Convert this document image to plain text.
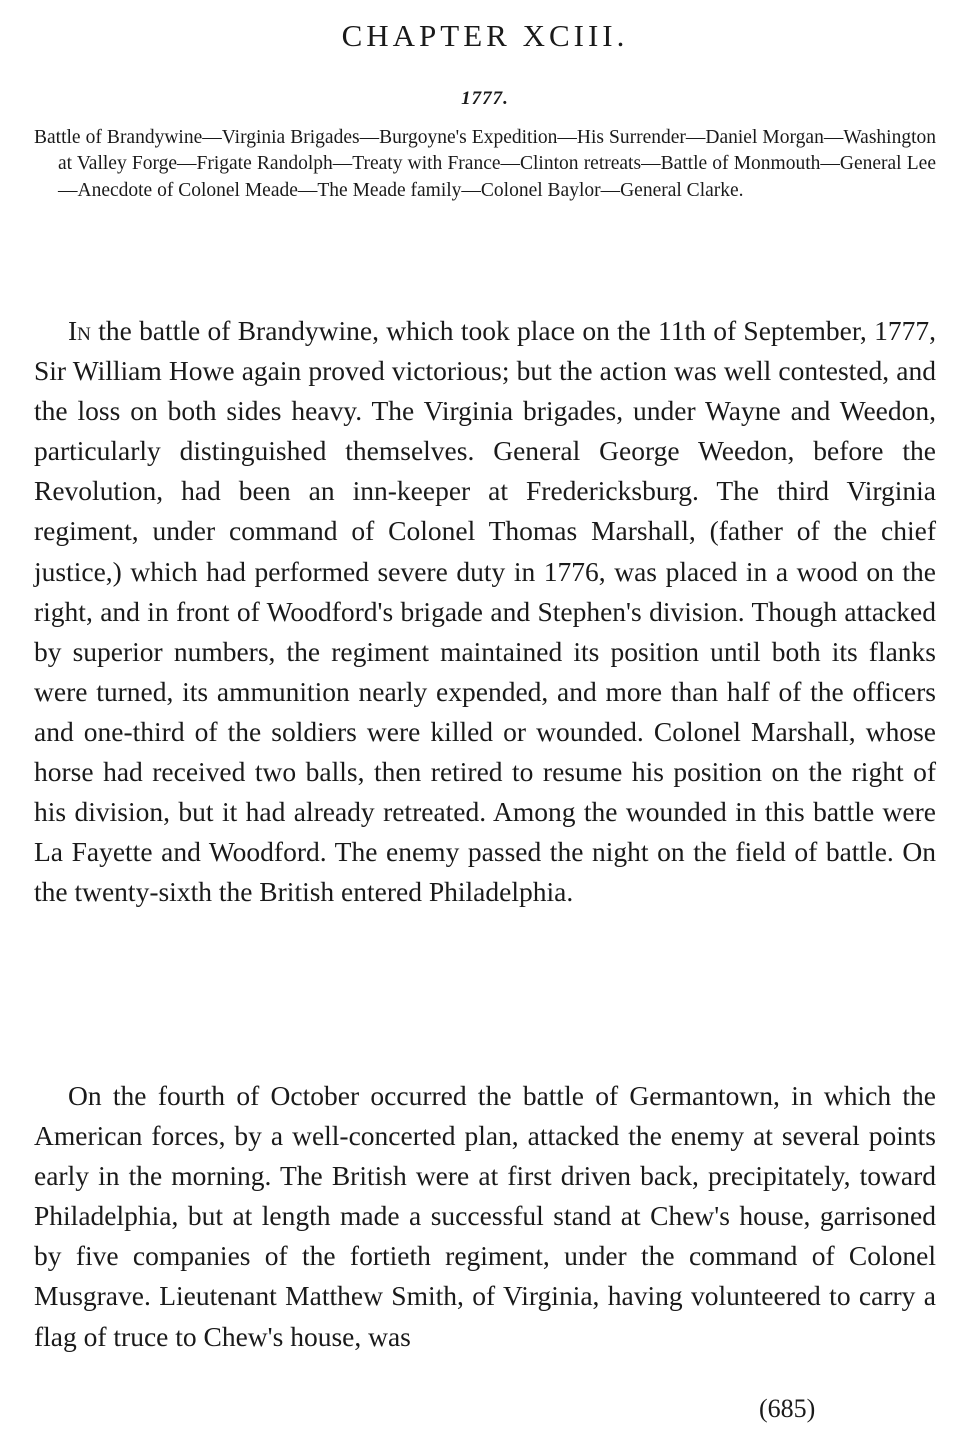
CHAPTER XCIII.
1777.

Battle of Brandywine—Virginia Brigades—Burgoyne's Expedition—His Surrender—Daniel Morgan—Washington at Valley Forge—Frigate Randolph—Treaty with France—Clinton retreats—Battle of Monmouth—General Lee—Anecdote of Colonel Meade—The Meade family—Colonel Baylor—General Clarke.

In the battle of Brandywine, which took place on the 11th of September, 1777, Sir William Howe again proved victorious; but the action was well contested, and the loss on both sides heavy. The Virginia brigades, under Wayne and Weedon, particularly distinguished themselves. General George Weedon, before the Revolution, had been an inn-keeper at Fredericksburg. The third Virginia regiment, under command of Colonel Thomas Marshall, (father of the chief justice,) which had performed severe duty in 1776, was placed in a wood on the right, and in front of Woodford's brigade and Stephen's division. Though attacked by superior numbers, the regiment maintained its position until both its flanks were turned, its ammunition nearly expended, and more than half of the officers and one-third of the soldiers were killed or wounded. Colonel Marshall, whose horse had received two balls, then retired to resume his position on the right of his division, but it had already retreated. Among the wounded in this battle were La Fayette and Woodford. The enemy passed the night on the field of battle. On the twenty-sixth the British entered Philadelphia.

On the fourth of October occurred the battle of Germantown, in which the American forces, by a well-concerted plan, attacked the enemy at several points early in the morning. The British were at first driven back, precipitately, toward Philadelphia, but at length made a successful stand at Chew's house, garrisoned by five companies of the fortieth regiment, under the command of Colonel Musgrave. Lieutenant Matthew Smith, of Virginia, having volunteered to carry a flag of truce to Chew's house, was

(685)
